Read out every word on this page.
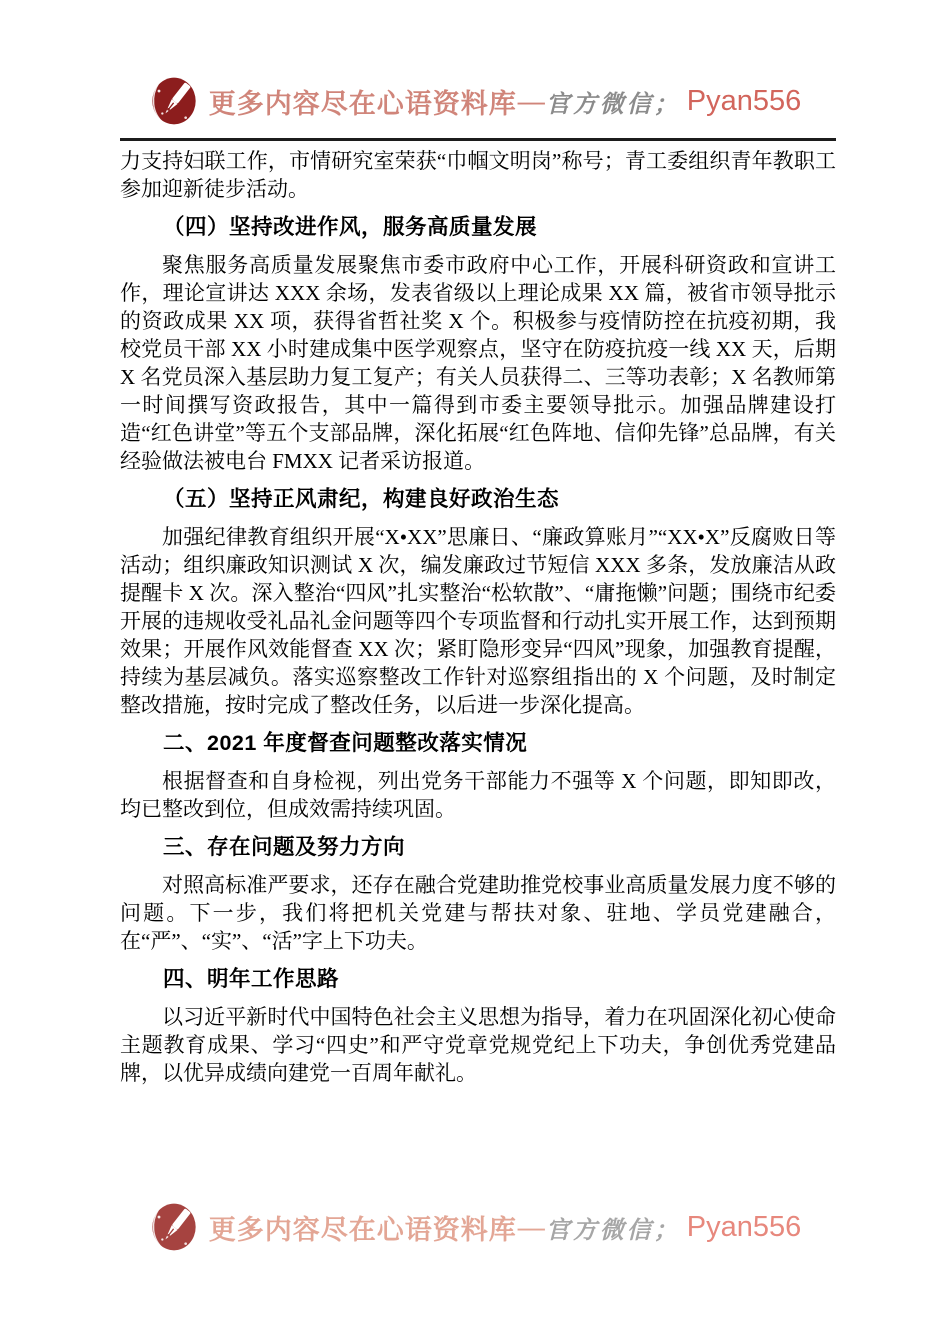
更多内容尽在心语资料库 — 官方微信； Pyan556

力支持妇联工作，市情研究室荣获“巾帼文明岗”称号；青工委组织青年教职工参加迎新徒步活动。

（四）坚持改进作风，服务高质量发展

聚焦服务高质量发展聚焦市委市政府中心工作，开展科研资政和宣讲工作，理论宣讲达 XXX 余场，发表省级以上理论成果 XX 篇，被省市领导批示的资政成果 XX 项，获得省哲社奖 X 个。积极参与疫情防控在抗疫初期，我校党员干部 XX 小时建成集中医学观察点，坚守在防疫抗疫一线 XX 天，后期 X 名党员深入基层助力复工复产；有关人员获得二、三等功表彰；X 名教师第一时间撰写资政报告，其中一篇得到市委主要领导批示。加强品牌建设打造“红色讲堂”等五个支部品牌，深化拓展“红色阵地、信仰先锋”总品牌，有关经验做法被电台 FMXX 记者采访报道。

（五）坚持正风肃纪，构建良好政治生态

加强纪律教育组织开展“X•XX”思廉日、“廉政算账月”“XX•X”反腐败日等活动；组织廉政知识测试 X 次，编发廉政过节短信 XXX 多条，发放廉洁从政提醒卡 X 次。深入整治“四风”扎实整治“松软散”、“庸拖懒”问题；围绕市纪委开展的违规收受礼品礼金问题等四个专项监督和行动扎实开展工作，达到预期效果；开展作风效能督查 XX 次；紧盯隐形变异“四风”现象，加强教育提醒，持续为基层减负。落实巡察整改工作针对巡察组指出的 X 个问题，及时制定整改措施，按时完成了整改任务，以后进一步深化提高。

二、2021 年度督查问题整改落实情况

根据督查和自身检视，列出党务干部能力不强等 X 个问题，即知即改，均已整改到位，但成效需持续巩固。

三、存在问题及努力方向

对照高标准严要求，还存在融合党建助推党校事业高质量发展力度不够的问题。下一步，我们将把机关党建与帮扶对象、驻地、学员党建融合，在“严”、“实”、“活”字上下功夫。

四、明年工作思路

以习近平新时代中国特色社会主义思想为指导，着力在巩固深化初心使命主题教育成果、学习“四史”和严守党章党规党纪上下功夫，争创优秀党建品牌，以优异成绩向建党一百周年献礼。

更多内容尽在心语资料库 — 官方微信； Pyan556
